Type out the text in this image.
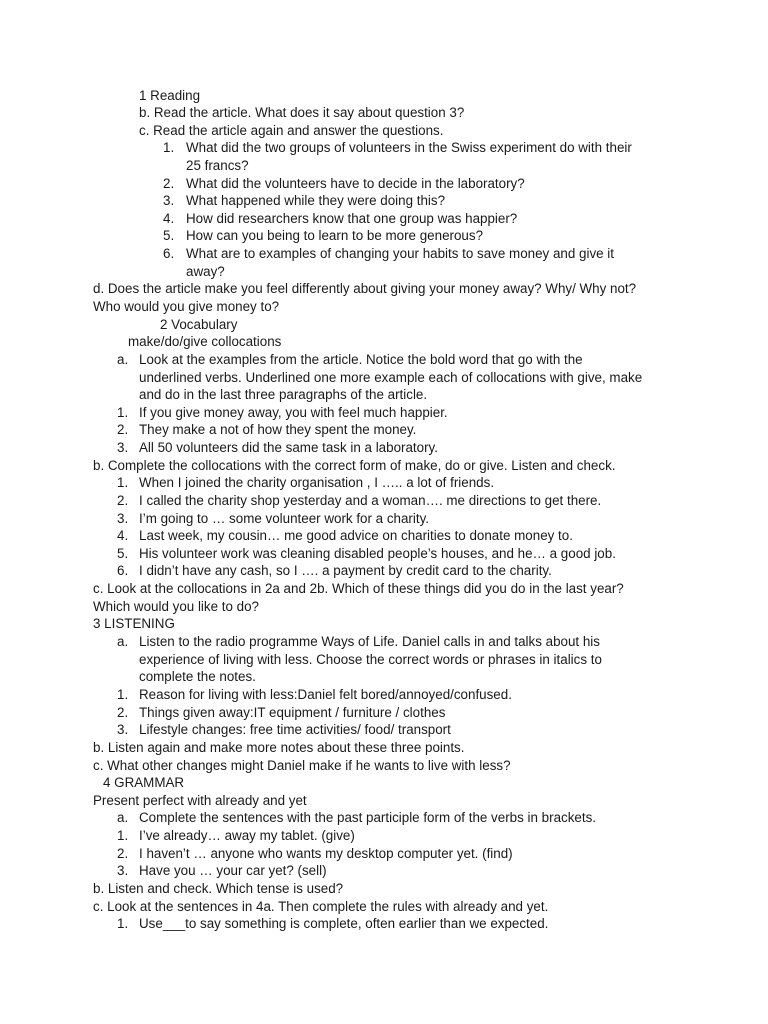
1 Reading
b. Read the article. What does it say about question 3?
c. Read the article again and answer the questions.
1. What did the two groups of volunteers in the Swiss experiment do with their
25 francs?
2. What did the volunteers have to decide in the laboratory?
3. What happened while they were doing this?
4. How did researchers know that one group was happier?
5. How can you being to learn to be more generous?
6. What are to examples of changing your habits to save money and give it
away?
d. Does the article make you feel differently about giving your money away? Why/ Why not?
Who would you give money to?
2 Vocabulary
make/do/give collocations
a. Look at the examples from the article. Notice the bold word that go with the
underlined verbs. Underlined one more example each of collocations with give, make
and do in the last three paragraphs of the article.
1. If you give money away, you with feel much happier.
2. They make a not of how they spent the money.
3. All 50 volunteers did the same task in a laboratory.
b. Complete the collocations with the correct form of make, do or give. Listen and check.
1. When I joined the charity organisation , I ….. a lot of friends.
2. I called the charity shop yesterday and a woman…. me directions to get there.
3. I’m going to … some volunteer work for a charity.
4. Last week, my cousin… me good advice on charities to donate money to.
5. His volunteer work was cleaning disabled people’s houses, and he… a good job.
6. I didn’t have any cash, so I …. a payment by credit card to the charity.
c. Look at the collocations in 2a and 2b. Which of these things did you do in the last year?
Which would you like to do?
3 LISTENING
a. Listen to the radio programme Ways of Life. Daniel calls in and talks about his
experience of living with less. Choose the correct words or phrases in italics to
complete the notes.
1. Reason for living with less:Daniel felt bored/annoyed/confused.
2. Things given away:IT equipment / furniture / clothes
3. Lifestyle changes: free time activities/ food/ transport
b. Listen again and make more notes about these three points.
c. What other changes might Daniel make if he wants to live with less?
4 GRAMMAR
Present perfect with already and yet
a. Complete the sentences with the past participle form of the verbs in brackets.
1. I’ve already… away my tablet. (give)
2. I haven’t … anyone who wants my desktop computer yet. (find)
3. Have you … your car yet? (sell)
b. Listen and check. Which tense is used?
c. Look at the sentences in 4a. Then complete the rules with already and yet.
1. Use___to say something is complete, often earlier than we expected.
